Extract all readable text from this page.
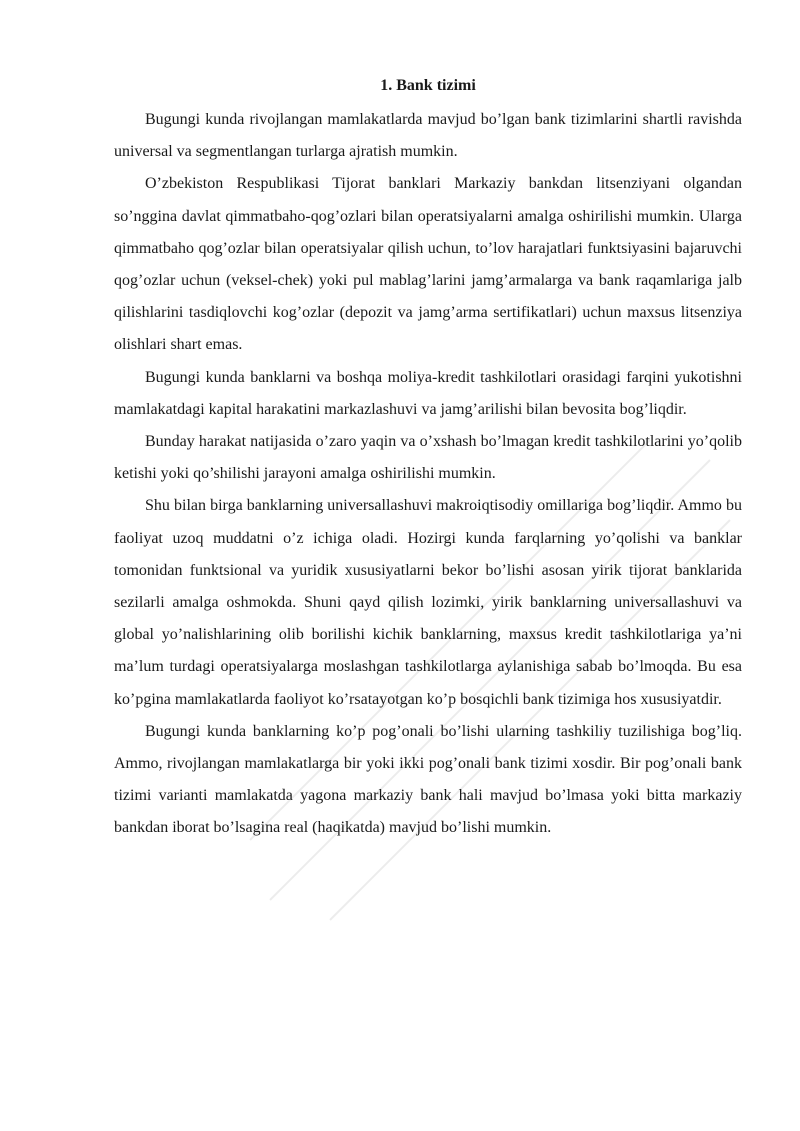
1. Bank tizimi

Bugungi kunda rivojlangan mamlakatlarda mavjud bo’lgan bank tizimlarini shartli ravishda universal va segmentlangan turlarga ajratish mumkin.

O’zbekiston Respublikasi Tijorat banklari Markaziy bankdan litsenziyani olgandan so’nggina davlat qimmatbaho-qog’ozlari bilan operatsiyalarni amalga oshirilishi mumkin. Ularga qimmatbaho qog’ozlar bilan operatsiyalar qilish uchun, to’lov harajatlari funktsiyasini bajaruvchi qog’ozlar uchun (veksel-chek) yoki pul mablag’larini jamg’armalarga va bank raqamlariga jalb qilishlarini tasdiqlovchi kog’ozlar (depozit va jamg’arma sertifikatlari) uchun maxsus litsenziya olishlari shart emas.

Bugungi kunda banklarni va boshqa moliya-kredit tashkilotlari orasidagi farqini yukotishni mamlakatdagi kapital harakatini markazlashuvi va jamg’arilishi bilan bevosita bog’liqdir.

Bunday harakat natijasida o’zaro yaqin va o’xshash bo’lmagan kredit tashkilotlarini yo’qolib ketishi yoki qo’shilishi jarayoni amalga oshirilishi mumkin.

Shu bilan birga banklarning universallashuvi makroiqtisodiy omillariga bog’liqdir. Ammo bu faoliyat uzoq muddatni o’z ichiga oladi. Hozirgi kunda farqlarning yo’qolishi va banklar tomonidan funktsional va yuridik xususiyatlarni bekor bo’lishi asosan yirik tijorat banklarida sezilarli amalga oshmokda. Shuni qayd qilish lozimki, yirik banklarning universallashuvi va global yo’nalishlarining olib borilishi kichik banklarning, maxsus kredit tashkilotlariga ya’ni ma’lum turdagi operatsiyalarga moslashgan tashkilotlarga aylanishiga sabab bo’lmoqda. Bu esa ko’pgina mamlakatlarda faoliyot ko’rsatayotgan ko’p bosqichli bank tizimiga hos xususiyatdir.

Bugungi kunda banklarning ko’p pog’onali bo’lishi ularning tashkiliy tuzilishiga bog’liq. Ammo, rivojlangan mamlakatlarga bir yoki ikki pog’onali bank tizimi xosdir. Bir pog’onali bank tizimi varianti mamlakatda yagona markaziy bank hali mavjud bo’lmasa yoki bitta markaziy bankdan iborat bo’lsagina real (haqikatda) mavjud bo’lishi mumkin.
